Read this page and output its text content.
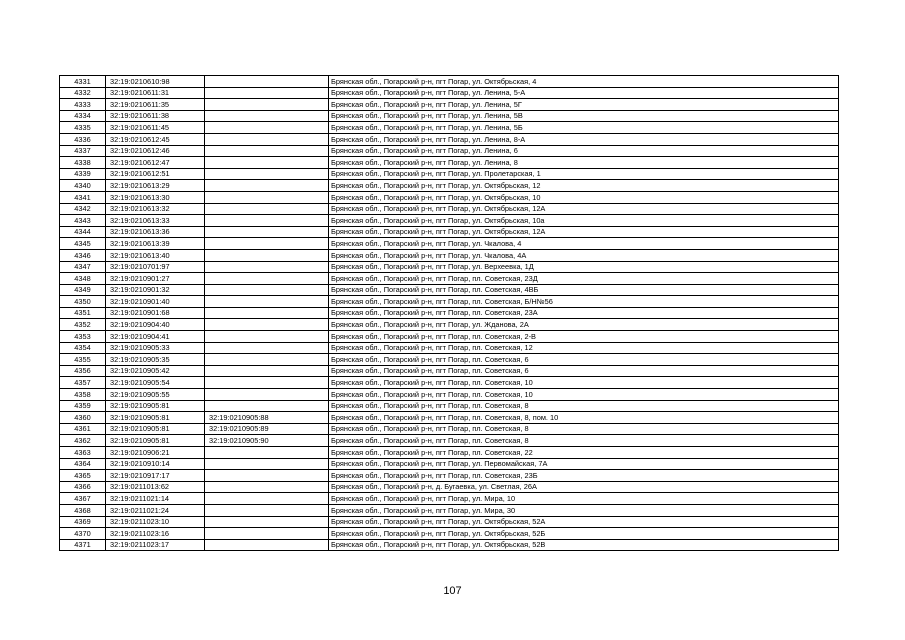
4331	32:19:0210610:98		Брянская обл., Погарский р-н, пгт Погар, ул. Октябрьская, 4
4332	32:19:0210611:31		Брянская обл., Погарский р-н, пгт Погар, ул. Ленина, 5-А
4333	32:19:0210611:35		Брянская обл., Погарский р-н, пгт Погар, ул. Ленина, 5Г
4334	32:19:0210611:38		Брянская обл., Погарский р-н, пгт Погар, ул. Ленина, 5В
4335	32:19:0210611:45		Брянская обл., Погарский р-н, пгт Погар, ул. Ленина, 5Б
4336	32:19:0210612:45		Брянская обл., Погарский р-н, пгт Погар, ул. Ленина, 8-А
4337	32:19:0210612:46		Брянская обл., Погарский р-н, пгт Погар, ул. Ленина, 6
4338	32:19:0210612:47		Брянская обл., Погарский р-н, пгт Погар, ул. Ленина, 8
4339	32:19:0210612:51		Брянская обл., Погарский р-н, пгт Погар, ул. Пролетарская, 1
4340	32:19:0210613:29		Брянская обл., Погарский р-н, пгт Погар, ул. Октябрьская, 12
4341	32:19:0210613:30		Брянская обл., Погарский р-н, пгт Погар, ул. Октябрьская, 10
4342	32:19:0210613:32		Брянская обл., Погарский р-н, пгт Погар, ул. Октябрьская, 12А
4343	32:19:0210613:33		Брянская обл., Погарский р-н, пгт Погар, ул. Октябрьская, 10а
4344	32:19:0210613:36		Брянская обл., Погарский р-н, пгт Погар, ул. Октябрьская, 12А
4345	32:19:0210613:39		Брянская обл., Погарский р-н, пгт Погар, ул. Чкалова, 4
4346	32:19:0210613:40		Брянская обл., Погарский р-н, пгт Погар, ул. Чкалова, 4А
4347	32:19:0210701:97		Брянская обл., Погарский р-н, пгт Погар, ул. Верхеевка, 1Д
4348	32:19:0210901:27		Брянская обл., Погарский р-н, пгт Погар, пл. Советская, 23Д
4349	32:19:0210901:32		Брянская обл., Погарский р-н, пгт Погар, пл. Советская, 4ВБ
4350	32:19:0210901:40		Брянская обл., Погарский р-н, пгт Погар, пл. Советская, Б/Н№56
4351	32:19:0210901:68		Брянская обл., Погарский р-н, пгт Погар, пл. Советская, 23А
4352	32:19:0210904:40		Брянская обл., Погарский р-н, пгт Погар, ул. Жданова, 2А
4353	32:19:0210904:41		Брянская обл., Погарский р-н, пгт Погар, пл. Советская, 2-В
4354	32:19:0210905:33		Брянская обл., Погарский р-н, пгт Погар, пл. Советская, 12
4355	32:19:0210905:35		Брянская обл., Погарский р-н, пгт Погар, пл. Советская, 6
4356	32:19:0210905:42		Брянская обл., Погарский р-н, пгт Погар, пл. Советская, 6
4357	32:19:0210905:54		Брянская обл., Погарский р-н, пгт Погар, пл. Советская, 10
4358	32:19:0210905:55		Брянская обл., Погарский р-н, пгт Погар, пл. Советская, 10
4359	32:19:0210905:81		Брянская обл., Погарский р-н, пгт Погар, пл. Советская, 8
4360	32:19:0210905:81	32:19:0210905:88	Брянская обл., Погарский р-н, пгт Погар, пл. Советская, 8, пом. 10
4361	32:19:0210905:81	32:19:0210905:89	Брянская обл., Погарский р-н, пгт Погар, пл. Советская, 8
4362	32:19:0210905:81	32:19:0210905:90	Брянская обл., Погарский р-н, пгт Погар, пл. Советская, 8
4363	32:19:0210906:21		Брянская обл., Погарский р-н, пгт Погар, пл. Советская, 22
4364	32:19:0210910:14		Брянская обл., Погарский р-н, пгт Погар, ул. Первомайская, 7А
4365	32:19:0210917:17		Брянская обл., Погарский р-н, пгт Погар, пл. Советская, 23Б
4366	32:19:0211013:62		Брянская обл., Погарский р-н, д. Бугаевка, ул. Светлая, 26А
4367	32:19:0211021:14		Брянская обл., Погарский р-н, пгт Погар, ул. Мира, 10
4368	32:19:0211021:24		Брянская обл., Погарский р-н, пгт Погар, ул. Мира, 30
4369	32:19:0211023:10		Брянская обл., Погарский р-н, пгт Погар, ул. Октябрьская, 52А
4370	32:19:0211023:16		Брянская обл., Погарский р-н, пгт Погар, ул. Октябрьская, 52Б
4371	32:19:0211023:17		Брянская обл., Погарский р-н, пгт Погар, ул. Октябрьская, 52В
107
